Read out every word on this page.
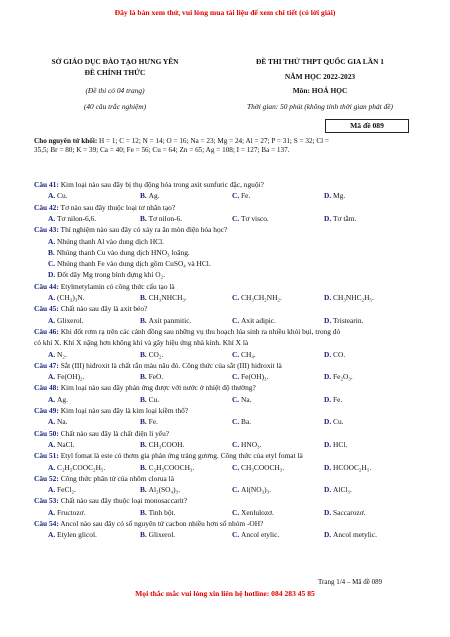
Đây là bản xem thử, vui lòng mua tài liệu để xem chi tiết (có lời giải)
SỞ GIÁO DỤC ĐÀO TẠO HƯNG YÊN
ĐỀ CHÍNH THỨC
(Đề thi có 04 trang)
(40 câu trắc nghiệm)
ĐỀ THI THỬ THPT QUỐC GIA LẦN 1
NĂM HỌC 2022-2023
Môn: HOÁ HỌC
Thời gian: 50 phút (không tính thời gian phát đề)
Mã đề 089
Cho nguyên tử khối: H = 1; C = 12; N = 14; O = 16; Na = 23; Mg = 24; Al = 27; P = 31; S = 32; Cl =
35,5; Br = 80; K = 39; Ca = 40; Fe = 56; Cu = 64; Zn = 65; Ag = 108; I = 127; Ba = 137.
Câu 41: Kim loại nào sau đây bị thụ động hóa trong axit sunfuric đặc, nguội?
A. Cu.	B. Ag.	C. Fe.	D. Mg.
Câu 42: Tơ nào sau đây thuộc loại tơ nhân tạo?
A. Tơ nilon-6,6.	B. Tơ nilon-6.	C. Tơ visco.	D. Tơ tằm.
Câu 43: Thí nghiệm nào sau đây có xảy ra ăn mòn điện hóa học?
A. Nhúng thanh Al vào dung dịch HCl.
B. Nhúng thanh Cu vào dung dịch HNO₃ loãng.
C. Nhúng thanh Fe vào dung dịch gồm CuSO₄ và HCl.
D. Đốt dây Mg trong bình đựng khí O₂.
Câu 44: Etylmetylamin có công thức cấu tạo là
A. (CH₃)₃N.	B. CH₃NHCH₃.	C. CH₃CH₂NH₂.	D. CH₃NHC₂H₅.
Câu 45: Chất nào sau đây là axit béo?
A. Glixerol.	B. Axit panmitic.	C. Axit adipic.	D. Tristearin.
Câu 46: Khi đốt rơm rạ trên các cánh đồng sau những vụ thu hoạch lúa sinh ra nhiều khói bụi, trong đó
có khí X. Khí X nặng hơn không khí và gây hiệu ứng nhà kính. Khí X là
A. N₂.	B. CO₂.	C. CH₄.	D. CO.
Câu 47: Sắt (III) hiđroxit là chất rắn màu nâu đỏ. Công thức của sắt (III) hiđroxit là
A. Fe(OH)₂.	B. FeO.	C. Fe(OH)₃.	D. Fe₂O₃.
Câu 48: Kim loại nào sau đây phản ứng được với nước ở nhiệt độ thường?
A. Ag.	B. Cu.	C. Na.	D. Fe.
Câu 49: Kim loại nào sau đây là kim loại kiềm thổ?
A. Na.	B. Fe.	C. Ba.	D. Cu.
Câu 50: Chất nào sau đây là chất điện li yếu?
A. NaCl.	B. CH₃COOH.	C. HNO₃.	D. HCl.
Câu 51: Etyl fomat là este có thơm gia phản ứng tráng gương. Công thức của etyl fomat là
A. C₂H₅COOC₂H₅.	B. C₂H₅COOCH₃.	C. CH₃COOCH₃.	D. HCOOC₂H₅.
Câu 52: Công thức phân tử của nhôm clorua là
A. FeCl₂.	B. Al₂(SO₄)₃.	C. Al(NO₃)₃.	D. AlCl₃.
Câu 53: Chất nào sau đây thuộc loại monosaccarit?
A. Fructozơ.	B. Tinh bột.	C. Xenlulozơ.	D. Saccarozơ.
Câu 54: Ancol nào sau đây có số nguyên tử cacbon nhiều hơn số nhóm -OH?
A. Etylen glicol.	B. Glixerol.	C. Ancol etylic.	D. Ancol metylic.
Trang 1/4 – Mã đề 089
Mọi thắc mắc vui lòng xin liên hệ hotline: 084 283 45 85
